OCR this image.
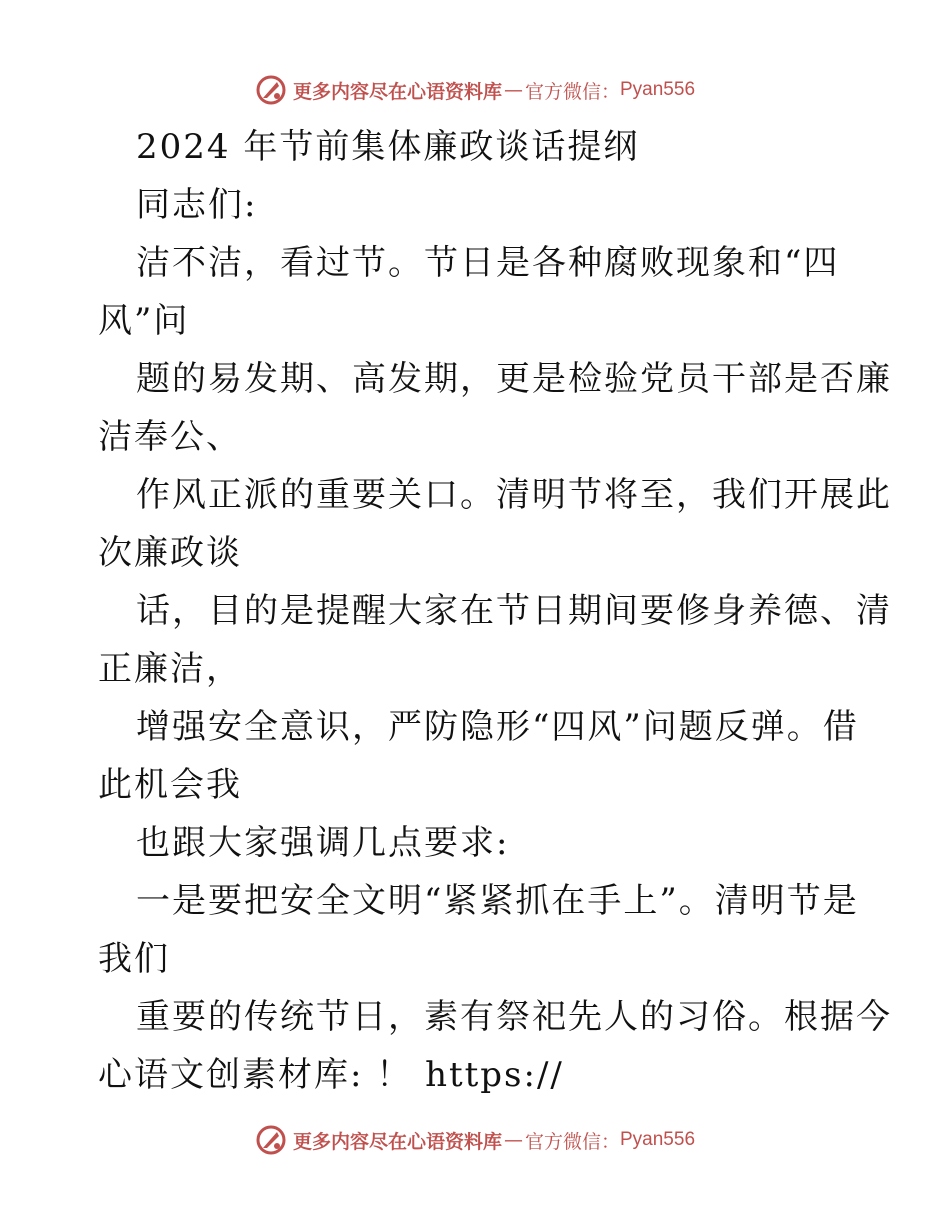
更多内容尽在心语资料库 — 官方微信： Pyan556
2024 年节前集体廉政谈话提纲
同志们:
洁不洁，看过节。节日是各种腐败现象和“四
风”问
题的易发期、高发期，更是检验党员干部是否廉
洁奉公、
作风正派的重要关口。清明节将至，我们开展此
次廉政谈
话，目的是提醒大家在节日期间要修身养德、清
正廉洁，
增强安全意识，严防隐形“四风”问题反弹。借
此机会我
也跟大家强调几点要求:
一是要把安全文明“紧紧抓在手上”。清明节是
我们
重要的传统节日，素有祭祀先人的习俗。根据今
心语文创素材库: ！ https://
更多内容尽在心语资料库 — 官方微信： Pyan556
